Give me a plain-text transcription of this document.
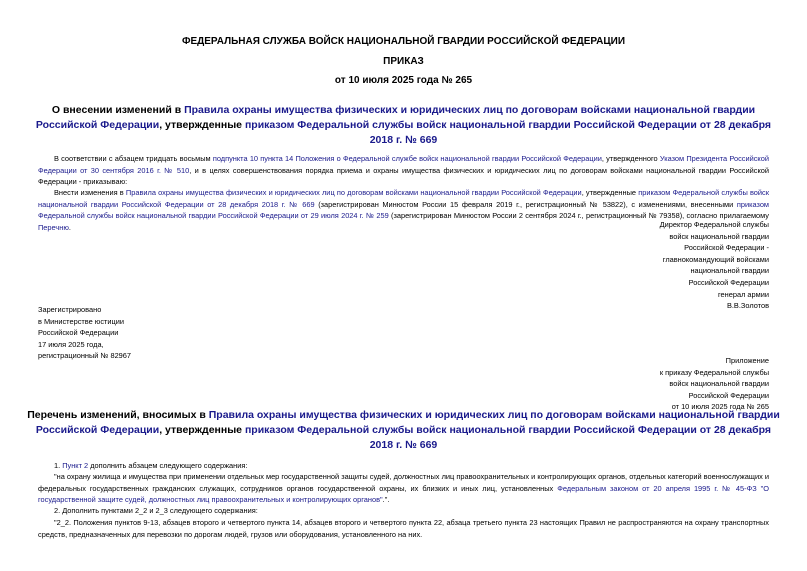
ФЕДЕРАЛЬНАЯ СЛУЖБА ВОЙСК НАЦИОНАЛЬНОЙ ГВАРДИИ РОССИЙСКОЙ ФЕДЕРАЦИИ
ПРИКАЗ
от 10 июля 2025 года № 265
О внесении изменений в Правила охраны имущества физических и юридических лиц по договорам войсками национальной гвардии Российской Федерации, утвержденные приказом Федеральной службы войск национальной гвардии Российской Федерации от 28 декабря 2018 г. № 669
В соответствии с абзацем тридцать восьмым подпункта 10 пункта 14 Положения о Федеральной службе войск национальной гвардии Российской Федерации, утвержденного Указом Президента Российской Федерации от 30 сентября 2016 г. № 510, и в целях совершенствования порядка приема и охраны имущества физических и юридических лиц по договорам войсками национальной гвардии Российской Федерации - приказываю:
Внести изменения в Правила охраны имущества физических и юридических лиц по договорам войсками национальной гвардии Российской Федерации, утвержденные приказом Федеральной службы войск национальной гвардии Российской Федерации от 28 декабря 2018 г. № 669 (зарегистрирован Минюстом России 15 февраля 2019 г., регистрационный № 53822), с изменениями, внесенными приказом Федеральной службы войск национальной гвардии Российской Федерации от 29 июля 2024 г. № 259 (зарегистрирован Минюстом России 2 сентября 2024 г., регистрационный № 79358), согласно прилагаемому Перечню.	Директор Федеральной службы
войск национальной гвардии
Российской Федерации -
главнокомандующий войсками
национальной гвардии
Российской Федерации
генерал армии
В.В.Золотов
Зарегистрировано
в Министерстве юстиции
Российской Федерации
17 июля 2025 года,
регистрационный № 82967
Приложение
к приказу Федеральной службы
войск национальной гвардии
Российской Федерации
от 10 июля 2025 года № 265
Перечень изменений, вносимых в Правила охраны имущества физических и юридических лиц по договорам войсками национальной гвардии Российской Федерации, утвержденные приказом Федеральной службы войск национальной гвардии Российской Федерации от 28 декабря 2018 г. № 669
1. Пункт 2 дополнить абзацем следующего содержания:
"на охрану жилища и имущества при применении отдельных мер государственной защиты судей, должностных лиц правоохранительных и контролирующих органов, отдельных категорий военнослужащих и федеральных государственных гражданских служащих, сотрудников органов государственной охраны, их близких и иных лиц, установленных Федеральным законом от 20 апреля 1995 г. № 45-ФЗ "О государственной защите судей, должностных лиц правоохранительных и контролирующих органов".".
2. Дополнить пунктами 2_2 и 2_3 следующего содержания:
"2_2. Положения пунктов 9-13, абзацев второго и четвертого пункта 14, абзацев второго и четвертого пункта 22, абзаца третьего пункта 23 настоящих Правил не распространяются на охрану транспортных средств, предназначенных для перевозки по дорогам людей, грузов или оборудования, установленного на них.
